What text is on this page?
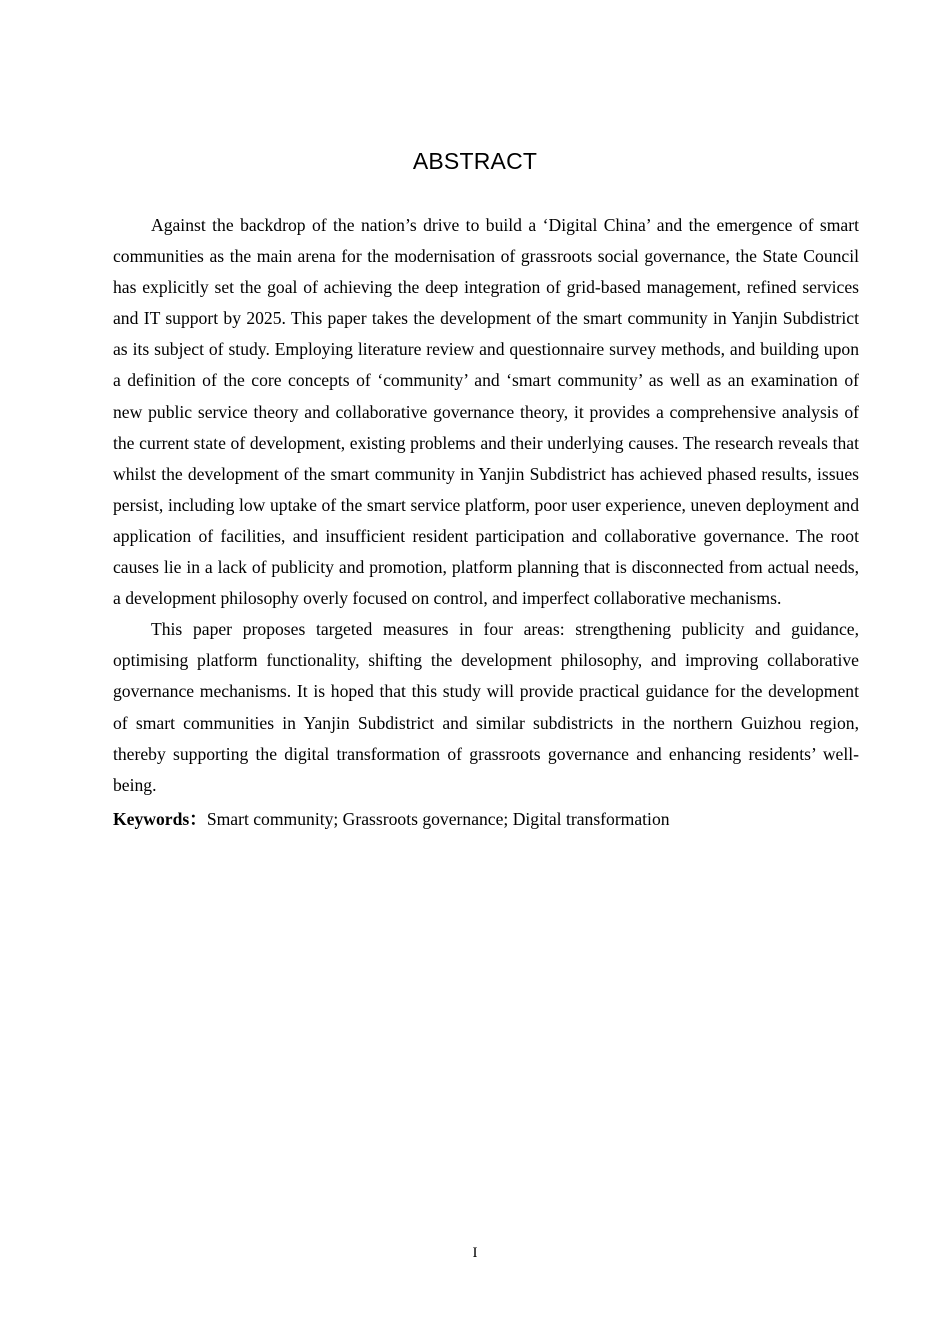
ABSTRACT

Against the backdrop of the nation’s drive to build a ‘Digital China’ and the emergence of smart communities as the main arena for the modernisation of grassroots social governance, the State Council has explicitly set the goal of achieving the deep integration of grid-based management, refined services and IT support by 2025. This paper takes the development of the smart community in Yanjin Subdistrict as its subject of study. Employing literature review and questionnaire survey methods, and building upon a definition of the core concepts of ‘community’ and ‘smart community’ as well as an examination of new public service theory and collaborative governance theory, it provides a comprehensive analysis of the current state of development, existing problems and their underlying causes. The research reveals that whilst the development of the smart community in Yanjin Subdistrict has achieved phased results, issues persist, including low uptake of the smart service platform, poor user experience, uneven deployment and application of facilities, and insufficient resident participation and collaborative governance. The root causes lie in a lack of publicity and promotion, platform planning that is disconnected from actual needs, a development philosophy overly focused on control, and imperfect collaborative mechanisms.

This paper proposes targeted measures in four areas: strengthening publicity and guidance, optimising platform functionality, shifting the development philosophy, and improving collaborative governance mechanisms. It is hoped that this study will provide practical guidance for the development of smart communities in Yanjin Subdistrict and similar subdistricts in the northern Guizhou region, thereby supporting the digital transformation of grassroots governance and enhancing residents’ well-being.

Keywords：Smart community; Grassroots governance; Digital transformation
I
